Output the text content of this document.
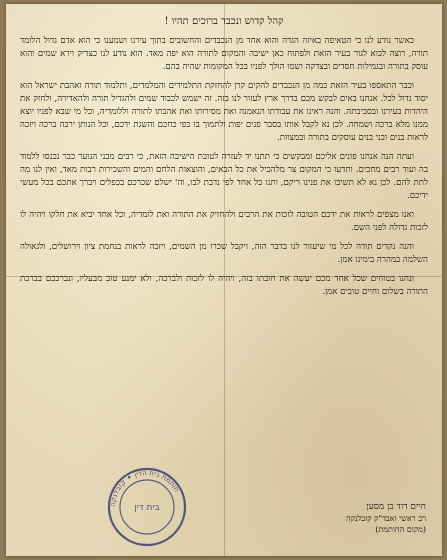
קהל קדוש ונכבד ברוכים תהיו !

כאשר נודע לנו כי הטאיפה באיזה הגדה והוא אחד מן הנכבדים והחשובים בתוך עירנו ושמענו כי הוא אדם גדול הלומד תורה, רוצה לבוא לגור בעיר הזאת ולפתוח כאן ישיבה והמקום לתורה הוא יפה מאד. הוא נודע לנו כצדיק וירא שמים והוא עוסק בתורה ובגמילות חסדים ובצדקה ושמו הולך לפניו בכל המקומות שהיה בהם.

וכבר התאספו בעיר הזאת כמה מן הנכבדים להקים קרן להחזקת התלמידים והמלמדים, ותלמוד תורה ואהבת ישראל הוא יסוד גדול לכל. אנחנו באים לבקש מכם בדרך ארץ לעזור לנו בזה. זה ישמש לכבוד שמים ולהגדיל תורה ולהאדירה, ולחזק את היהדות בעירנו ובסביבתה. והנה ראינו את עבודתו הנאמנה ואת מסירותו ואת אהבתו לתורה וללומדיה, וכל מי שבא לפניו יוצא ממנו מלא ברכה ושמחה. לכן נא לקבל אותו בסבר פנים יפות ולתמוך בו כפי כחכם והשגת ידכם, וכל הנותן ירבה ברכה ויזכה לראות בנים ובני בנים עוסקים בתורה ובמצוות.

ועתה הנה אנחנו פונים אליכם ומבקשים כי תתנו יד לעזרה לטובת הישיבה הזאת, כי רבים מבני הנוער כבר נכנסו ללמוד בה ועוד רבים מחכים. ותדעו כי המקום צר מלהכיל את כל הבאים, והוצאות הלחם והמים והשכירות רבות מאד, ואין לנו מה לתת להם. לכן נא לא תשיבו את פנינו ריקם, ותנו כל אחד לפי נדבת לבו, וה' ישלם שכרכם בכפלים ויברך אתכם בכל מעשי ידיכם.

ואנו מצפים לראות את ידכם הטובה לזכות את הרבים ולהחזיק את התורה ואת לומדיה, וכל אחד יביא את חלקו ויהיה לו לזכות גדולה לפני השם.

והנה נקדים תודה לכל מי שיעזור לנו בדבר הזה, ויקבל שכרו מן השמים, ויזכה לראות בנחמת ציון וירושלים, ולגאולה השלמה במהרה בימינו אמן.

ונחנו בטוחים שכל אחד מכם יעשה את חובתו בזה, ויהיה לו לזכות ולברכה, ולא ימנע טוב מבעליו, ונברככם בברכת התורה בשלום וחיים טובים אמן.

חיים דוד בן מסען
רב ראשי ואבד"ק קזבלנקה
(מקום החותמת)
חותמת בית הדין ✦ קזבלנקה
בית דין
